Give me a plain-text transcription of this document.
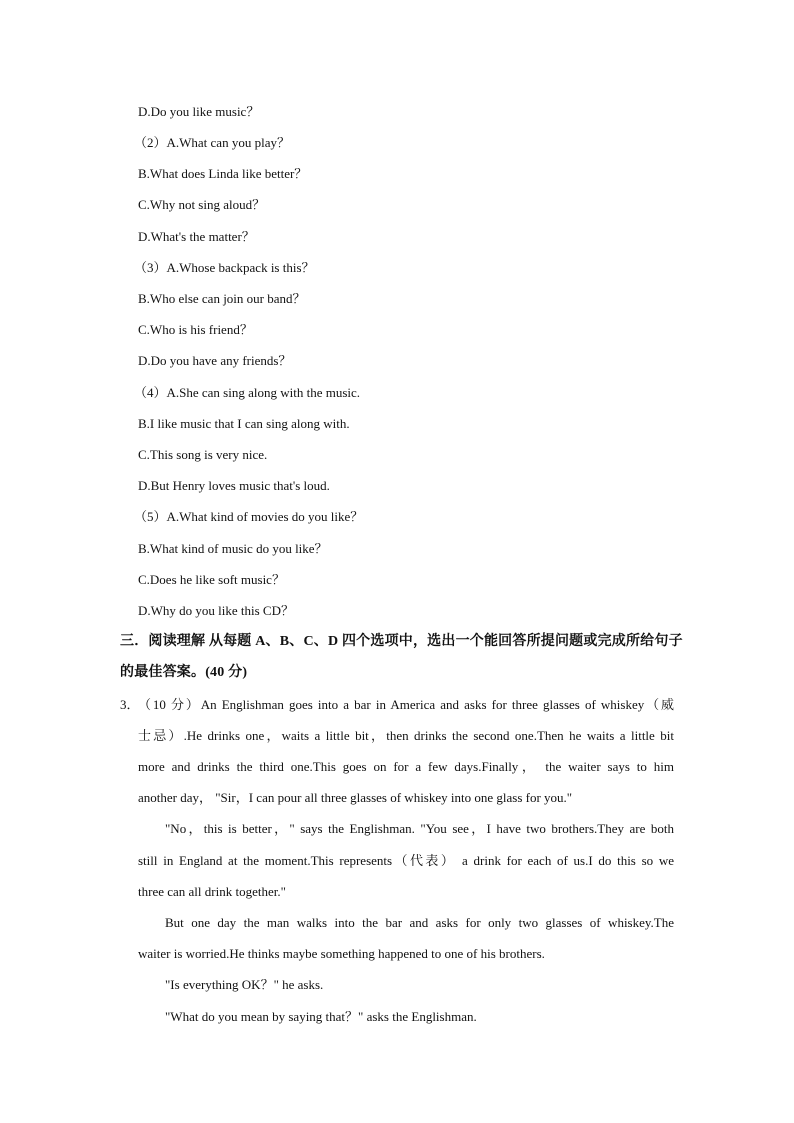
D.Do you like music？
（2）A.What can you play？
B.What does Linda like better？
C.Why not sing aloud？
D.What's the matter？
（3）A.Whose backpack is this？
B.Who else can join our band？
C.Who is his friend？
D.Do you have any friends？
（4）A.She can sing along with the music.
B.I like music that I can sing along with.
C.This song is very nice.
D.But Henry loves music that's loud.
（5）A.What kind of movies do you like？
B.What kind of music do you like？
C.Does he like soft music？
D.Why do you like this CD？
三．阅读理解 从每题 A、B、C、D 四个选项中，选出一个能回答所提问题或完成所给句子
的最佳答案。(40 分)
3．
（10 分）An Englishman goes into a bar in America and asks for three glasses of whiskey（威
士忌）.He drinks one，waits a little bit，then drinks the second one.Then he waits a little bit
more and drinks the third one.This goes on for a few days.Finally， the waiter says to him
another day， "Sir，I can pour all three glasses of whiskey into one glass for you."
"No，this is better，" says the Englishman. "You see，I have two brothers.They are both
still in England at the moment.This represents（代表） a drink for each of us.I do this so we
three can all drink together."
But one day the man walks into the bar and asks for only two glasses of whiskey.The
waiter is worried.He thinks maybe something happened to one of his brothers.
"Is everything OK？" he asks.
"What do you mean by saying that？" asks the Englishman.
